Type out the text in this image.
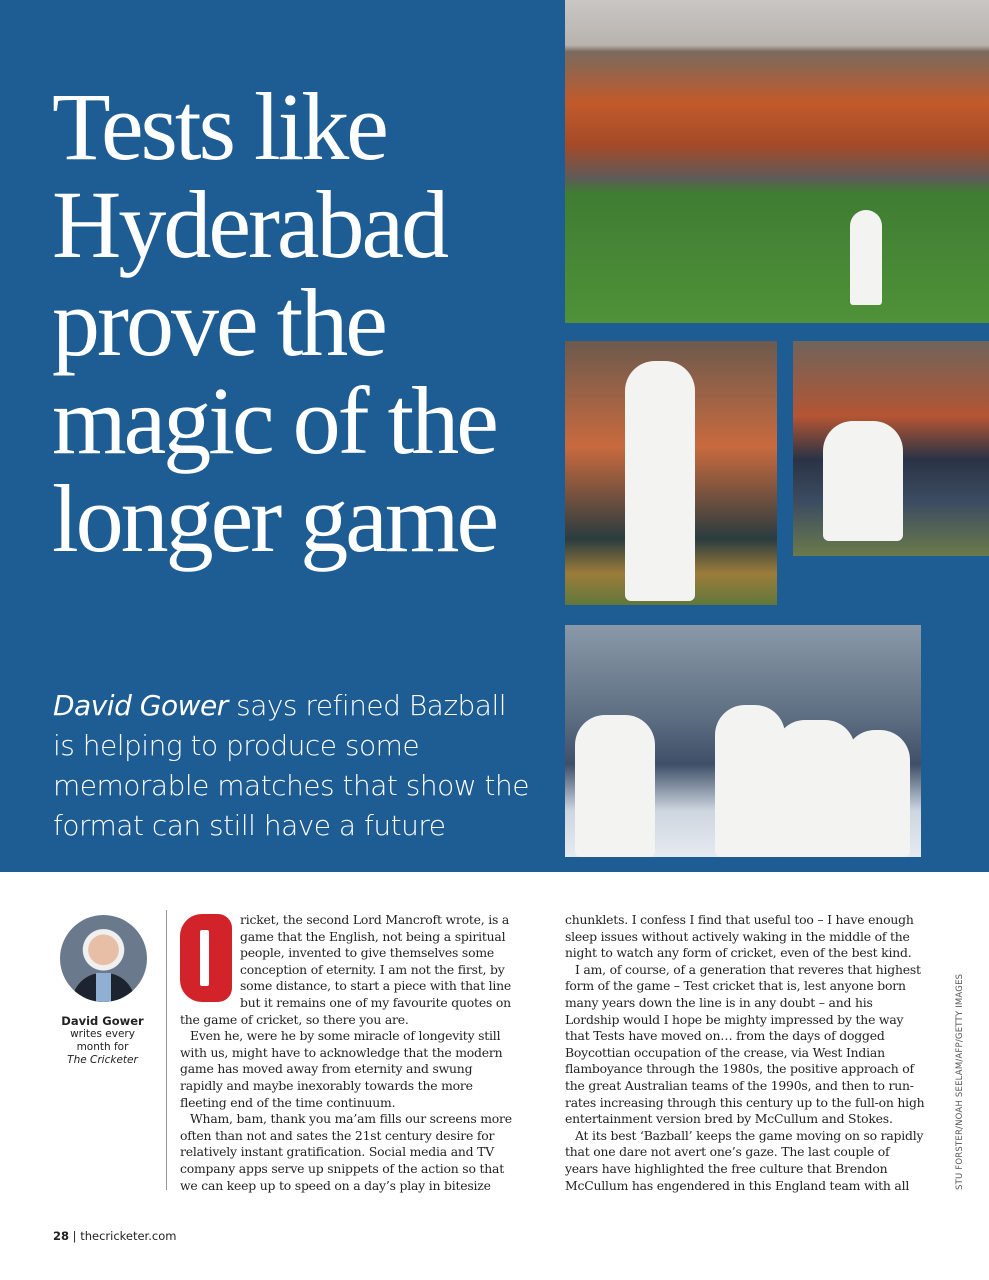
Tests like Hyderabad prove the magic of the longer game
David Gower says refined Bazball is helping to produce some memorable matches that show the format can still have a future
David Gower
writes every
month for
The Cricketer

ricket, the second Lord Mancroft wrote, is a game that the English, not being a spiritual people, invented to give themselves some conception of eternity. I am not the first, by some distance, to start a piece with that line but it remains one of my favourite quotes on the game of cricket, so there you are.

Even he, were he by some miracle of longevity still with us, might have to acknowledge that the modern game has moved away from eternity and swung rapidly and maybe inexorably towards the more fleeting end of the time continuum.

Wham, bam, thank you ma’am fills our screens more often than not and sates the 21st century desire for relatively instant gratification. Social media and TV company apps serve up snippets of the action so that we can keep up to speed on a day’s play in bitesize

chunklets. I confess I find that useful too – I have enough sleep issues without actively waking in the middle of the night to watch any form of cricket, even of the best kind.

I am, of course, of a generation that reveres that highest form of the game – Test cricket that is, lest anyone born many years down the line is in any doubt – and his Lordship would I hope be mighty impressed by the way that Tests have moved on… from the days of dogged Boycottian occupation of the crease, via West Indian flamboyance through the 1980s, the positive approach of the great Australian teams of the 1990s, and then to run-rates increasing through this century up to the full-on high entertainment version bred by McCullum and Stokes.

At its best ‘Bazball’ keeps the game moving on so rapidly that one dare not avert one’s gaze. The last couple of years have highlighted the free culture that Brendon McCullum has engendered in this England team with all	STU FORSTER/NOAH SEELAM/AFP/GETTY IMAGES
28 | thecricketer.com
